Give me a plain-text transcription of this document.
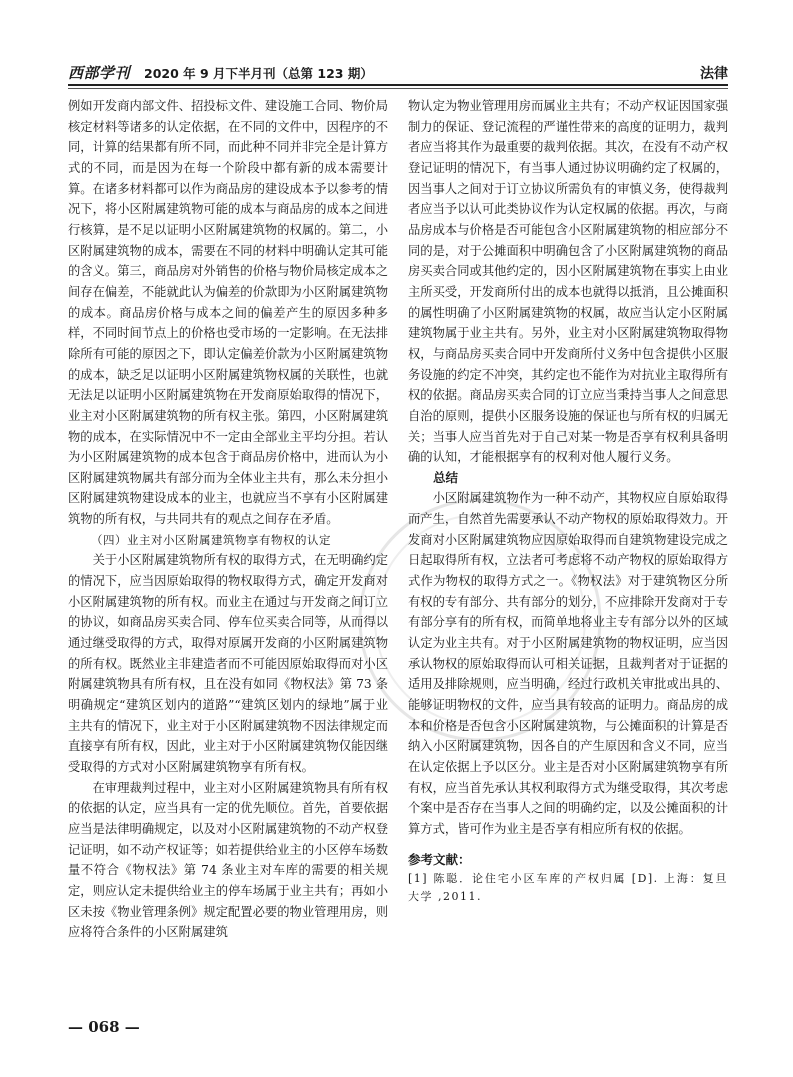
西部学刊 2020 年 9 月下半月刊（总第 123 期）	法律

例如开发商内部文件、招投标文件、建设施工合同、物价局核定材料等诸多的认定依据，在不同的文件中，因程序的不同，计算的结果都有所不同，而此种不同并非完全是计算方式的不同，而是因为在每一个阶段中都有新的成本需要计算。在诸多材料都可以作为商品房的建设成本予以参考的情况下，将小区附属建筑物可能的成本与商品房的成本之间进行核算，是不足以证明小区附属建筑物的权属的。第二，小区附属建筑物的成本，需要在不同的材料中明确认定其可能的含义。第三，商品房对外销售的价格与物价局核定成本之间存在偏差，不能就此认为偏差的价款即为小区附属建筑物的成本。商品房价格与成本之间的偏差产生的原因多种多样，不同时间节点上的价格也受市场的一定影响。在无法排除所有可能的原因之下，即认定偏差价款为小区附属建筑物的成本，缺乏足以证明小区附属建筑物权属的关联性，也就无法足以证明小区附属建筑物在开发商原始取得的情况下，业主对小区附属建筑物的所有权主张。第四，小区附属建筑物的成本，在实际情况中不一定由全部业主平均分担。若认为小区附属建筑物的成本包含于商品房价格中，进而认为小区附属建筑物属共有部分而为全体业主共有，那么未分担小区附属建筑物建设成本的业主，也就应当不享有小区附属建筑物的所有权，与共同共有的观点之间存在矛盾。

（四）业主对小区附属建筑物享有物权的认定

关于小区附属建筑物所有权的取得方式，在无明确约定的情况下，应当因原始取得的物权取得方式，确定开发商对小区附属建筑物的所有权。而业主在通过与开发商之间订立的协议，如商品房买卖合同、停车位买卖合同等，从而得以通过继受取得的方式，取得对原属开发商的小区附属建筑物的所有权。既然业主非建造者而不可能因原始取得而对小区附属建筑物具有所有权，且在没有如同《物权法》第 73 条明确规定“建筑区划内的道路”“建筑区划内的绿地”属于业主共有的情况下，业主对于小区附属建筑物不因法律规定而直接享有所有权，因此，业主对于小区附属建筑物仅能因继受取得的方式对小区附属建筑物享有所有权。

在审理裁判过程中，业主对小区附属建筑物具有所有权的依据的认定，应当具有一定的优先顺位。首先，首要依据应当是法律明确规定，以及对小区附属建筑物的不动产权登记证明，如不动产权证等；如若提供给业主的小区停车场数量不符合《物权法》第 74 条业主对车库的需要的相关规定，则应认定未提供给业主的停车场属于业主共有；再如小区未按《物业管理条例》规定配置必要的物业管理用房，则应将符合条件的小区附属建筑

物认定为物业管理用房而属业主共有；不动产权证因国家强制力的保证、登记流程的严谨性带来的高度的证明力，裁判者应当将其作为最重要的裁判依据。其次，在没有不动产权登记证明的情况下，有当事人通过协议明确约定了权属的，因当事人之间对于订立协议所需负有的审慎义务，使得裁判者应当予以认可此类协议作为认定权属的依据。再次，与商品房成本与价格是否可能包含小区附属建筑物的相应部分不同的是，对于公摊面积中明确包含了小区附属建筑物的商品房买卖合同或其他约定的，因小区附属建筑物在事实上由业主所买受，开发商所付出的成本也就得以抵消，且公摊面积的属性明确了小区附属建筑物的权属，故应当认定小区附属建筑物属于业主共有。另外，业主对小区附属建筑物取得物权，与商品房买卖合同中开发商所付义务中包含提供小区服务设施的约定不冲突，其约定也不能作为对抗业主取得所有权的依据。商品房买卖合同的订立应当秉持当事人之间意思自治的原则，提供小区服务设施的保证也与所有权的归属无关；当事人应当首先对于自己对某一物是否享有权利具备明确的认知，才能根据享有的权利对他人履行义务。

总结

小区附属建筑物作为一种不动产，其物权应自原始取得而产生，自然首先需要承认不动产物权的原始取得效力。开发商对小区附属建筑物应因原始取得而自建筑物建设完成之日起取得所有权，立法者可考虑将不动产物权的原始取得方式作为物权的取得方式之一。《物权法》对于建筑物区分所有权的专有部分、共有部分的划分，不应排除开发商对于专有部分享有的所有权，而简单地将业主专有部分以外的区域认定为业主共有。对于小区附属建筑物的物权证明，应当因承认物权的原始取得而认可相关证据，且裁判者对于证据的适用及排除规则，应当明确，经过行政机关审批或出具的、能够证明物权的文件，应当具有较高的证明力。商品房的成本和价格是否包含小区附属建筑物，与公摊面积的计算是否纳入小区附属建筑物，因各自的产生原因和含义不同，应当在认定依据上予以区分。业主是否对小区附属建筑物享有所有权，应当首先承认其权利取得方式为继受取得，其次考虑个案中是否存在当事人之间的明确约定，以及公摊面积的计算方式，皆可作为业主是否享有相应所有权的依据。

参考文献：
[1] 陈聪．论住宅小区车库的产权归属 [D]. 上海：复旦大学 ,2011.
— 068 —
